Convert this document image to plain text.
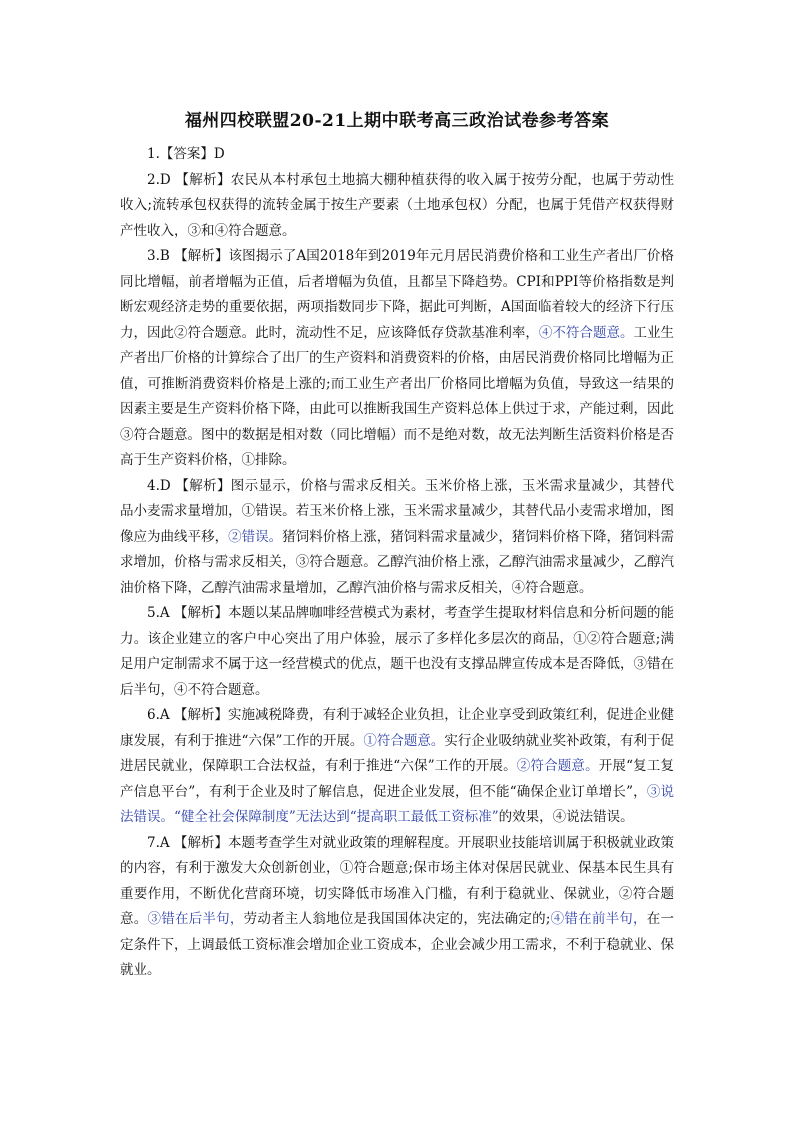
福州四校联盟20-21上期中联考高三政治试卷参考答案

1.【答案】D

2.D 【解析】农民从本村承包土地搞大棚种植获得的收入属于按劳分配，也属于劳动性收入;流转承包权获得的流转金属于按生产要素（土地承包权）分配，也属于凭借产权获得财产性收入，③和④符合题意。

3.B 【解析】该图揭示了A国2018年到2019年元月居民消费价格和工业生产者出厂价格同比增幅，前者增幅为正值，后者增幅为负值，且都呈下降趋势。CPI和PPI等价格指数是判断宏观经济走势的重要依据，两项指数同步下降，据此可判断，A国面临着较大的经济下行压力，因此②符合题意。此时，流动性不足，应该降低存贷款基准利率，④不符合题意。工业生产者出厂价格的计算综合了出厂的生产资料和消费资料的价格，由居民消费价格同比增幅为正值，可推断消费资料价格是上涨的;而工业生产者出厂价格同比增幅为负值，导致这一结果的因素主要是生产资料价格下降，由此可以推断我国生产资料总体上供过于求，产能过剩，因此③符合题意。图中的数据是相对数（同比增幅）而不是绝对数，故无法判断生活资料价格是否高于生产资料价格，①排除。

4.D 【解析】图示显示，价格与需求反相关。玉米价格上涨，玉米需求量减少，其替代品小麦需求量增加，①错误。若玉米价格上涨，玉米需求量减少，其替代品小麦需求增加，图像应为曲线平移，②错误。猪饲料价格上涨，猪饲料需求量减少，猪饲料价格下降，猪饲料需求增加，价格与需求反相关，③符合题意。乙醇汽油价格上涨，乙醇汽油需求量减少，乙醇汽油价格下降，乙醇汽油需求量增加，乙醇汽油价格与需求反相关，④符合题意。

5.A 【解析】本题以某品牌咖啡经营模式为素材，考查学生提取材料信息和分析问题的能力。该企业建立的客户中心突出了用户体验，展示了多样化多层次的商品，①②符合题意;满足用户定制需求不属于这一经营模式的优点，题干也没有支撑品牌宣传成本是否降低，③错在后半句，④不符合题意。

6.A 【解析】实施减税降费，有利于减轻企业负担，让企业享受到政策红利，促进企业健康发展，有利于推进“六保”工作的开展。①符合题意。实行企业吸纳就业奖补政策，有利于促进居民就业，保障职工合法权益，有利于推进“六保”工作的开展。②符合题意。开展“复工复产信息平台”，有利于企业及时了解信息，促进企业发展，但不能“确保企业订单增长”，③说法错误。“健全社会保障制度”无法达到“提高职工最低工资标准”的效果，④说法错误。

7.A 【解析】本题考查学生对就业政策的理解程度。开展职业技能培训属于积极就业政策的内容，有利于激发大众创新创业，①符合题意;保市场主体对保居民就业、保基本民生具有重要作用，不断优化营商环境，切实降低市场准入门槛，有利于稳就业、保就业，②符合题意。③错在后半句，劳动者主人翁地位是我国国体决定的，宪法确定的;④错在前半句，在一定条件下，上调最低工资标准会增加企业工资成本，企业会减少用工需求，不利于稳就业、保就业。
